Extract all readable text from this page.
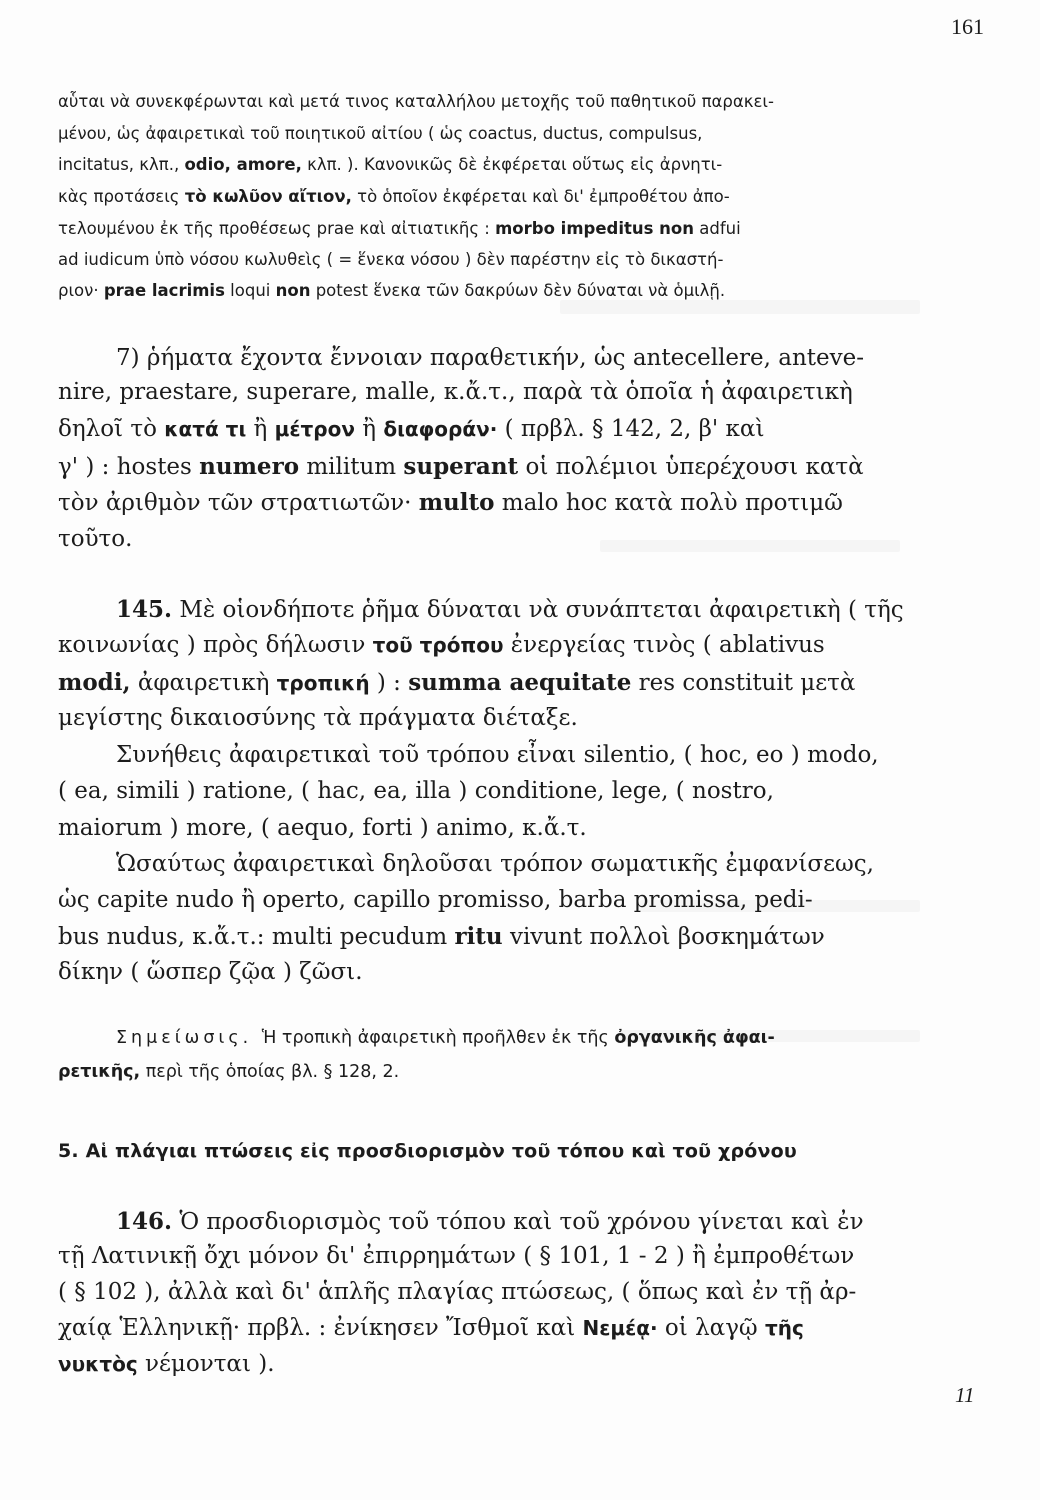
161
αὗται νὰ συνεκφέρωνται καὶ μετά τινος καταλλήλου μετοχῆς τοῦ παθητικοῦ παρακει-
μένου, ὡς ἀφαιρετικαὶ τοῦ ποιητικοῦ αἰτίου ( ὡς coactus, ductus, compulsus,
incitatus, κλπ., odio, amore, κλπ. ). Κανονικῶς δὲ ἐκφέρεται οὕτως εἰς ἀρνητι-
κὰς προτάσεις τὸ κωλῦον αἴτιον, τὸ ὁποῖον ἐκφέρεται καὶ δι' ἐμπροθέτου ἀπο-
τελουμένου ἐκ τῆς προθέσεως prae καὶ αἰτιατικῆς : morbo impeditus non adfui
ad iudicum ὑπὸ νόσου κωλυθεὶς ( = ἕνεκα νόσου ) δὲν παρέστην εἰς τὸ δικαστή-
ριον· prae lacrimis loqui non potest ἕνεκα τῶν δακρύων δὲν δύναται νὰ ὁμιλῇ.
7) ῥήματα ἔχοντα ἔννοιαν παραθετικήν, ὡς antecellere, anteve-
nire, praestare, superare, malle, κ.ἄ.τ., παρὰ τὰ ὁποῖα ἡ ἀφαιρετικὴ
δηλοῖ τὸ κατά τι ἢ μέτρον ἢ διαφοράν· ( πρβλ. § 142, 2, β' καὶ
γ' ) : hostes numero militum superant οἱ πολέμιοι ὑπερέχουσι κατὰ
τὸν ἀριθμὸν τῶν στρατιωτῶν· multo malo hoc κατὰ πολὺ προτιμῶ
τοῦτο.
145. Μὲ οἱονδήποτε ῥῆμα δύναται νὰ συνάπτεται ἀφαιρετικὴ ( τῆς
κοινωνίας ) πρὸς δήλωσιν τοῦ τρόπου ἐνεργείας τινὸς ( ablativus
modi, ἀφαιρετικὴ τροπική ) : summa aequitate res constituit μετὰ
μεγίστης δικαιοσύνης τὰ πράγματα διέταξε.
Συνήθεις ἀφαιρετικαὶ τοῦ τρόπου εἶναι silentio, ( hoc, eo ) modo,
( ea, simili ) ratione, ( hac, ea, illa ) conditione, lege, ( nostro,
maiorum ) more, ( aequo, forti ) animo, κ.ἄ.τ.
Ὡσαύτως ἀφαιρετικαὶ δηλοῦσαι τρόπον σωματικῆς ἐμφανίσεως,
ὡς capite nudo ἢ operto, capillo promisso, barba promissa, pedi-
bus nudus, κ.ἄ.τ.: multi pecudum ritu vivunt πολλοὶ βοσκημάτων
δίκην ( ὥσπερ ζῷα ) ζῶσι.
Σημείωσις. Ἡ τροπικὴ ἀφαιρετικὴ προῆλθεν ἐκ τῆς ὀργανικῆς ἀφαι-
ρετικῆς, περὶ τῆς ὁποίας βλ. § 128, 2.
5. Αἱ πλάγιαι πτώσεις εἰς προσδιορισμὸν τοῦ τόπου καὶ τοῦ χρόνου
146. Ὁ προσδιορισμὸς τοῦ τόπου καὶ τοῦ χρόνου γίνεται καὶ ἐν
τῇ Λατινικῇ ὄχι μόνον δι' ἐπιρρημάτων ( § 101, 1 - 2 ) ἢ ἐμπροθέτων
( § 102 ), ἀλλὰ καὶ δι' ἁπλῆς πλαγίας πτώσεως, ( ὅπως καὶ ἐν τῇ ἀρ-
χαίᾳ Ἑλληνικῇ· πρβλ. : ἐνίκησεν Ἴσθμοῖ καὶ Νεμέᾳ· οἱ λαγῷ τῆς
νυκτὸς νέμονται ).
11
